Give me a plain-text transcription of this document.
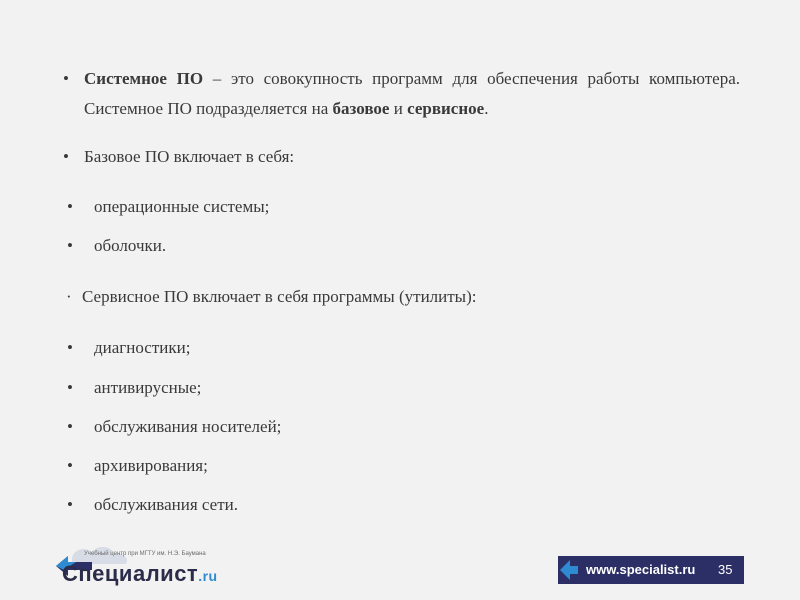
• Системное ПО – это совокупность программ для обеспечения работы компьютера. Системное ПО подразделяется на базовое и сервисное.
• Базовое ПО включает в себя:
• операционные системы;
• оболочки.
· Сервисное ПО включает в себя программы (утилиты):
• диагностики;
• антивирусные;
• обслуживания носителей;
• архивирования;
• обслуживания сети.
Учебный центр при МГТУ им. Н.Э. Баумана
Специалист.ru	www.specialist.ru 35
